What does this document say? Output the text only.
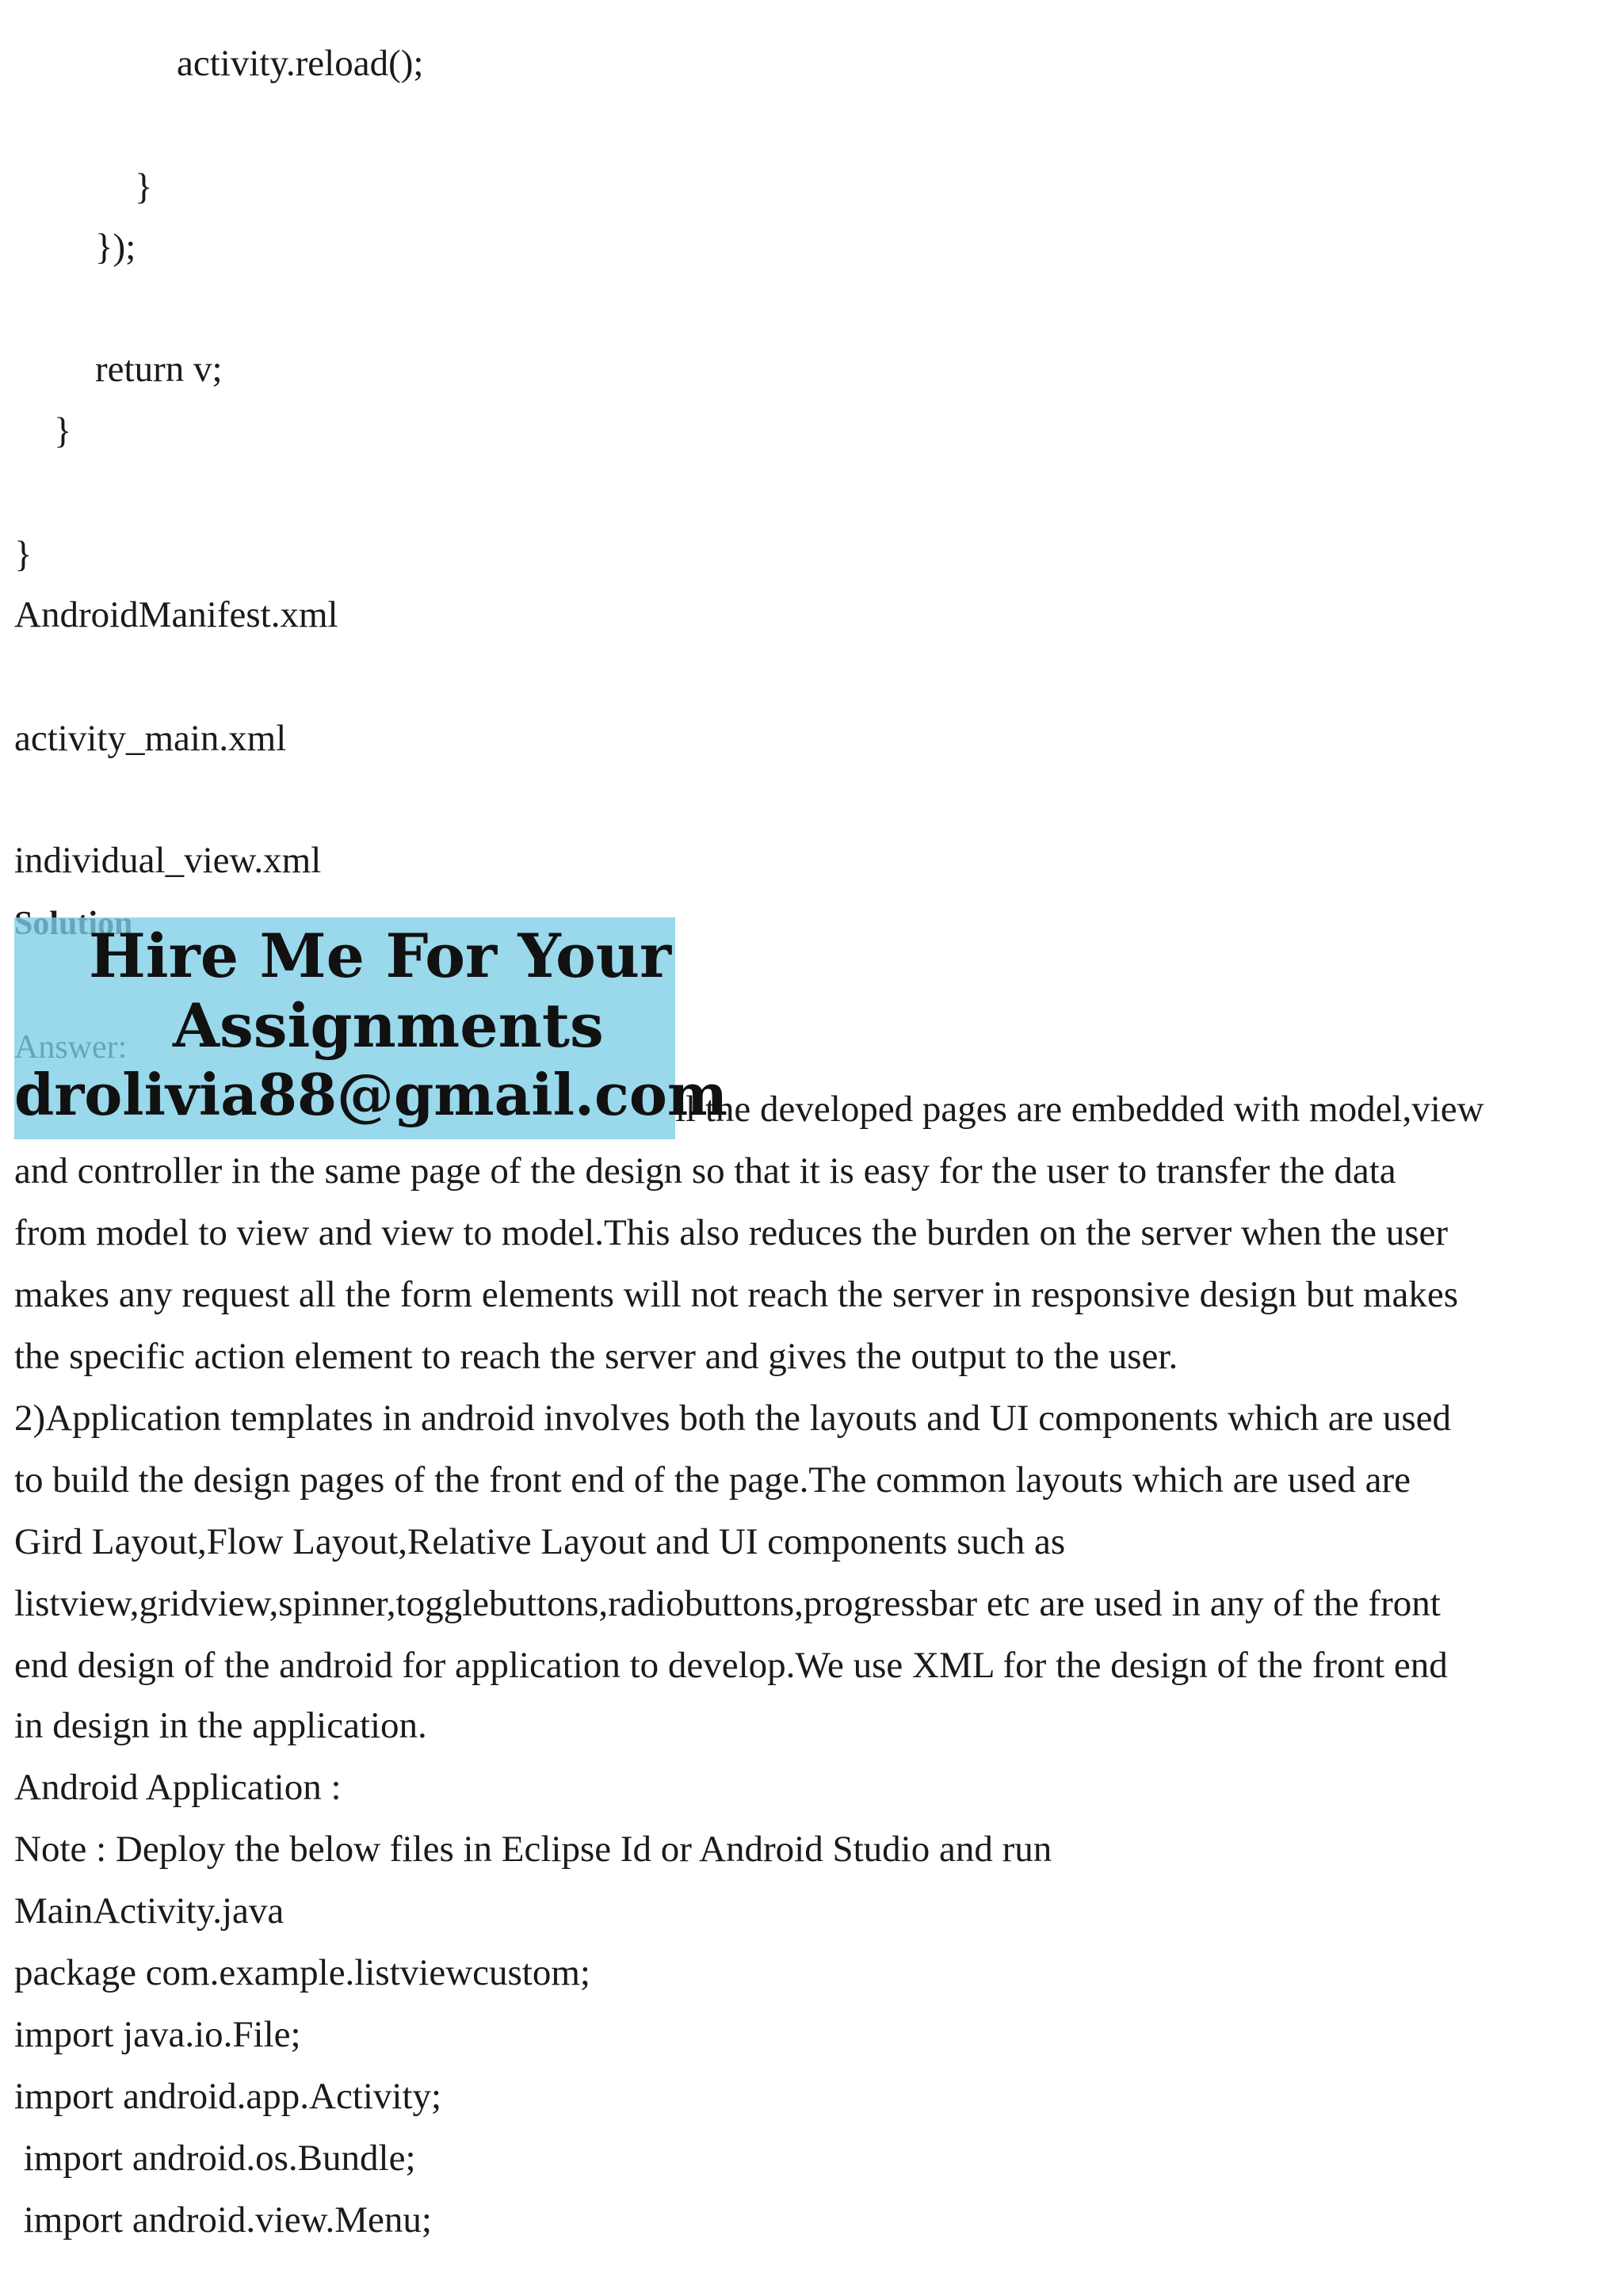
activity.reload();
}
});
return v;
}
}
AndroidManifest.xml
activity_main.xml
individual_view.xml
ll the developed pages are embedded with model,view
Hire Me For Your
Assignments
drolivia88@gmail.com
and controller in the same page of the design so that it is easy for the user to transfer the data
from model to view and view to model.This also reduces the burden on the server when the user
makes any request all the form elements will not reach the server in responsive design but makes
the specific action element to reach the server and gives the output to the user.
2)Application templates in android involves both the layouts and UI components which are used
to build the design pages of the front end of the page.The common layouts which are used are
Gird Layout,Flow Layout,Relative Layout and UI components such as
listview,gridview,spinner,togglebuttons,radiobuttons,progressbar etc are used in any of the front
end design of the android for application to develop.We use XML for the design of the front end
in design in the application.
Android Application :
Note : Deploy the below files in Eclipse Id or Android Studio and run
MainActivity.java
package com.example.listviewcustom;
import java.io.File;
import android.app.Activity;
import android.os.Bundle;
import android.view.Menu;
